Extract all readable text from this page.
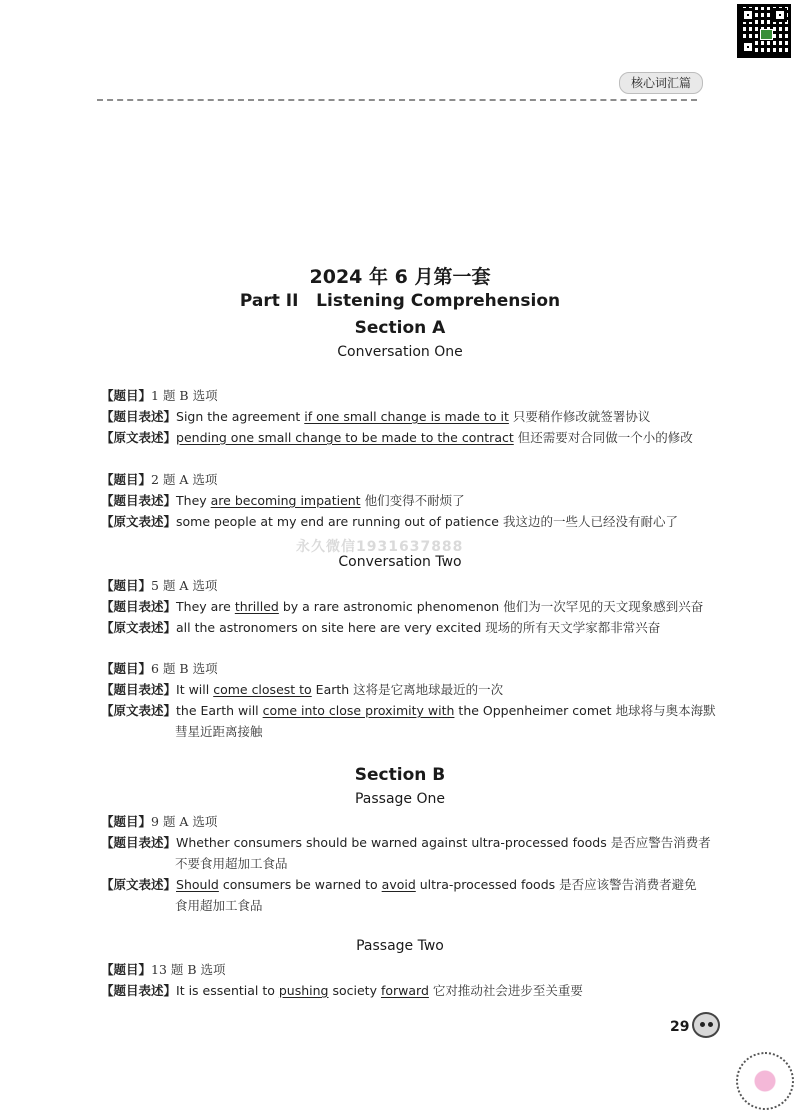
核心词汇篇
2024 年 6 月第一套
Part II   Listening Comprehension
Section A
Conversation One
【题目】1 题 B 选项
【题目表述】Sign the agreement if one small change is made to it 只要稍作修改就签署协议
【原文表述】pending one small change to be made to the contract 但还需要对合同做一个小的修改
【题目】2 题 A 选项
【题目表述】They are becoming impatient 他们变得不耐烦了
【原文表述】some people at my end are running out of patience 我这边的一些人已经没有耐心了
永久微信1931637888
Conversation Two
【题目】5 题 A 选项
【题目表述】They are thrilled by a rare astronomic phenomenon 他们为一次罕见的天文现象感到兴奋
【原文表述】all the astronomers on site here are very excited 现场的所有天文学家都非常兴奋
【题目】6 题 B 选项
【题目表述】It will come closest to Earth 这将是它离地球最近的一次
【原文表述】the Earth will come into close proximity with the Oppenheimer comet 地球将与奥本海默
彗星近距离接触
Section B
Passage One
【题目】9 题 A 选项
【题目表述】Whether consumers should be warned against ultra-processed foods 是否应警告消费者
不要食用超加工食品
【原文表述】Should consumers be warned to avoid ultra-processed foods 是否应该警告消费者避免
食用超加工食品
Passage Two
【题目】13 题 B 选项
【题目表述】It is essential to pushing society forward 它对推动社会进步至关重要
29
